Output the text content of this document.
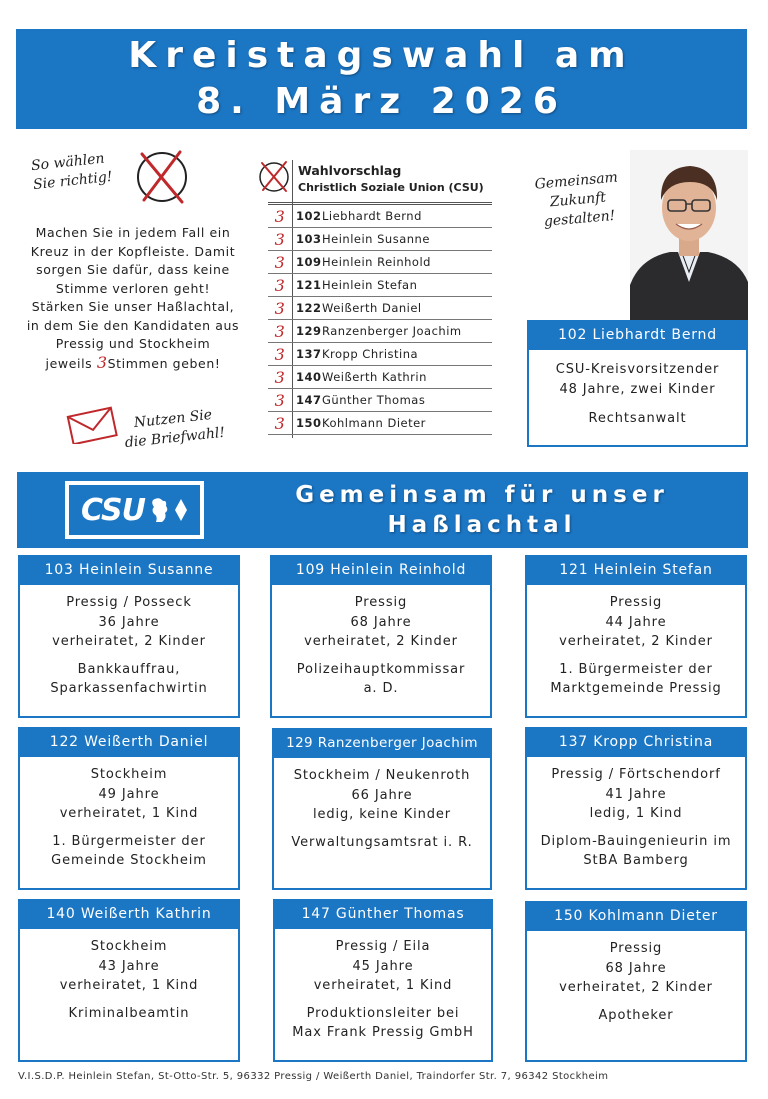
Kreistagswahl am
8. März 2026
So wählen
Sie richtig!
Machen Sie in jedem Fall ein
Kreuz in der Kopfleiste. Damit
sorgen Sie dafür, dass keine
Stimme verloren geht!
Stärken Sie unser Haßlachtal,
in dem Sie den Kandidaten aus
Pressig und Stockheim
jeweils 3Stimmen geben!
Nutzen Sie
die Briefwahl!
Wahlvorschlag
Christlich Soziale Union (CSU)
3 102 Liebhardt Bernd
3 103 Heinlein Susanne
3 109 Heinlein Reinhold
3 121 Heinlein Stefan
3 122 Weißerth Daniel
3 129 Ranzenberger Joachim
3 137 Kropp Christina
3 140 Weißerth Kathrin
3 147 Günther Thomas
3 150 Kohlmann Dieter
Gemeinsam
Zukunft
gestalten!
102 Liebhardt Bernd
CSU-Kreisvorsitzender
48 Jahre, zwei Kinder
Rechtsanwalt
CSU	Gemeinsam für unser
Haßlachtal
103 Heinlein Susanne
Pressig / Posseck
36 Jahre
verheiratet, 2 Kinder
Bankkauffrau,
Sparkassenfachwirtin
109 Heinlein Reinhold
Pressig
68 Jahre
verheiratet, 2 Kinder
Polizeihauptkommissar
a. D.
121 Heinlein Stefan
Pressig
44 Jahre
verheiratet, 2 Kinder
1. Bürgermeister der
Marktgemeinde Pressig
122 Weißerth Daniel
Stockheim
49 Jahre
verheiratet, 1 Kind
1. Bürgermeister der
Gemeinde Stockheim
129 Ranzenberger Joachim
Stockheim / Neukenroth
66 Jahre
ledig, keine Kinder
Verwaltungsamtsrat i. R.
137 Kropp Christina
Pressig / Förtschendorf
41 Jahre
ledig, 1 Kind
Diplom-Bauingenieurin im
StBA Bamberg
140 Weißerth Kathrin
Stockheim
43 Jahre
verheiratet, 1 Kind
Kriminalbeamtin
147 Günther Thomas
Pressig / Eila
45 Jahre
verheiratet, 1 Kind
Produktionsleiter bei
Max Frank Pressig GmbH
150 Kohlmann Dieter
Pressig
68 Jahre
verheiratet, 2 Kinder
Apotheker
V.I.S.D.P. Heinlein Stefan, St-Otto-Str. 5, 96332 Pressig / Weißerth Daniel, Traindorfer Str. 7, 96342 Stockheim
